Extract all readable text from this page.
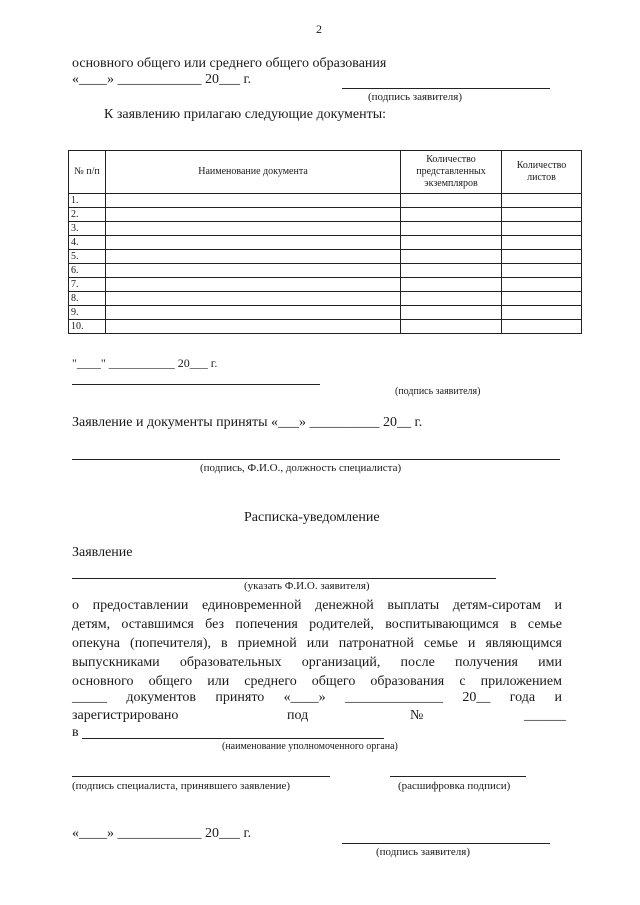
2
основного общего или среднего общего образования
«____» ____________ 20___ г.
(подпись заявителя)
К заявлению прилагаю следующие документы:
№ п/п	Наименование документа	Количество представленных экземпляров	Количество листов
1.			
2.			
3.			
4.			
5.			
6.			
7.			
8.			
9.			
10.			
"____" ___________ 20___ г.
(подпись заявителя)
Заявление и документы приняты «___» __________ 20__ г.
(подпись, Ф.И.О., должность специалиста)
Расписка-уведомление
Заявление
(указать Ф.И.О. заявителя)
о предоставлении единовременной денежной выплаты детям-сиротам и
детям, оставшимся без попечения родителей, воспитывающимся в семье
опекуна (попечителя), в приемной или патронатной семье и являющимся
выпускниками образовательных организаций, после получения ими
основного общего или среднего общего образования с приложением
_____ документов принято «____» ______________ 20__ года и
зарегистрировано	под	№	______
в
(наименование уполномоченного органа)
(подпись специалиста, принявшего заявление)	(расшифровка подписи)
«____» ____________ 20___ г.
(подпись заявителя)
